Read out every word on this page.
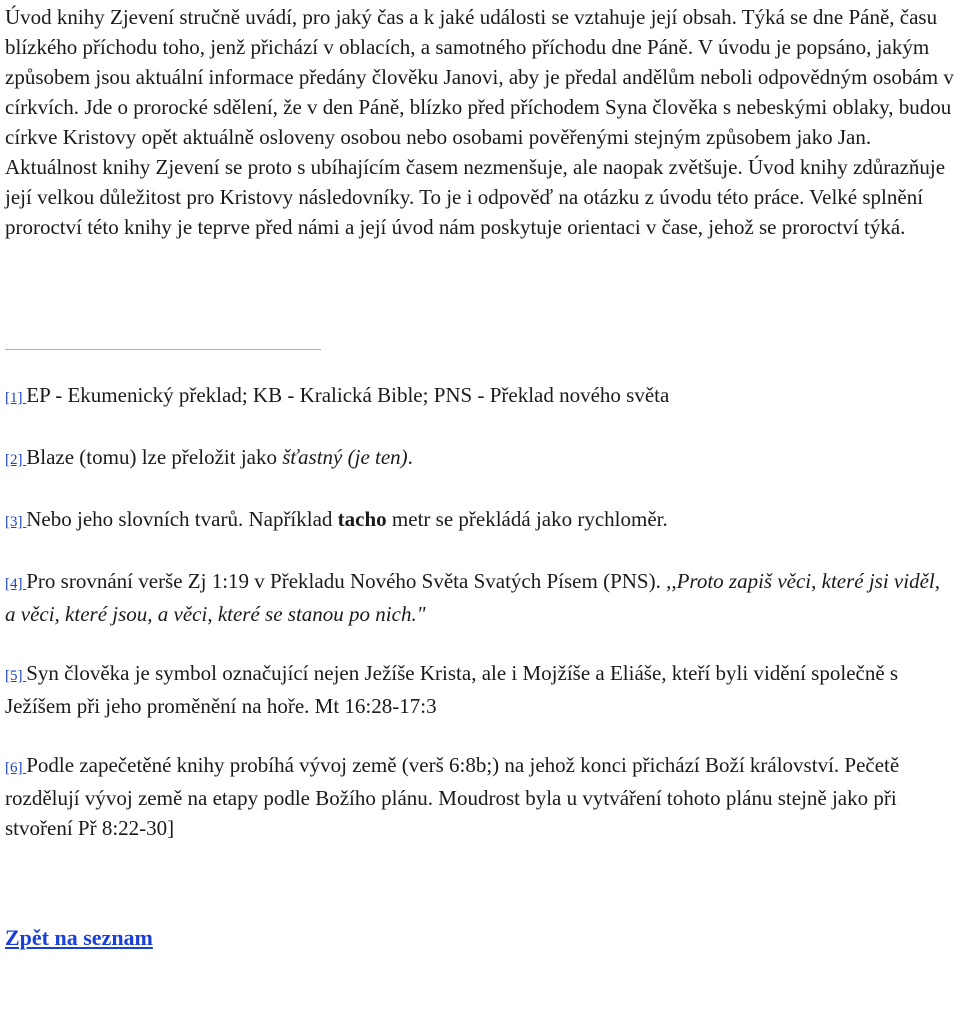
Úvod knihy Zjevení stručně uvádí, pro jaký čas a k jaké události se vztahuje její obsah. Týká se dne Páně, času blízkého příchodu toho, jenž přichází v oblacích, a samotného příchodu dne Páně. V úvodu je popsáno, jakým způsobem jsou aktuální informace předány člověku Janovi, aby je předal andělům neboli odpovědným osobám v církvích. Jde o prorocké sdělení, že v den Páně, blízko před příchodem Syna člověka s nebeskými oblaky, budou církve Kristovy opět aktuálně osloveny osobou nebo osobami pověřenými stejným způsobem jako Jan. Aktuálnost knihy Zjevení se proto s ubíhajícím časem nezmenšuje, ale naopak zvětšuje. Úvod knihy zdůrazňuje její velkou důležitost pro Kristovy následovníky. To je i odpověď na otázku z úvodu této práce. Velké splnění proroctví této knihy je teprve před námi a její úvod nám poskytuje orientaci v čase, jehož se proroctví týká.

[1] EP - Ekumenický překlad; KB - Kralická Bible; PNS - Překlad nového světa

[2] Blaze (tomu) lze přeložit jako šťastný (je ten).

[3] Nebo jeho slovních tvarů. Například tacho metr se překládá jako rychloměr.

[4] Pro srovnání verše Zj 1:19 v Překladu Nového Světa Svatých Písem (PNS). ,,Proto zapiš věci, které jsi viděl, a věci, které jsou, a věci, které se stanou po nich."

[5] Syn člověka je symbol označující nejen Ježíše Krista, ale i Mojžíše a Eliáše, kteří byli vidění společně s Ježíšem při jeho proměnění na hoře. Mt 16:28-17:3

[6] Podle zapečetěné knihy probíhá vývoj země (verš 6:8b;) na jehož konci přichází Boží království. Pečetě rozdělují vývoj země na etapy podle Božího plánu. Moudrost byla u vytváření tohoto plánu stejně jako při stvoření Př 8:22-30]

Zpět na seznam
